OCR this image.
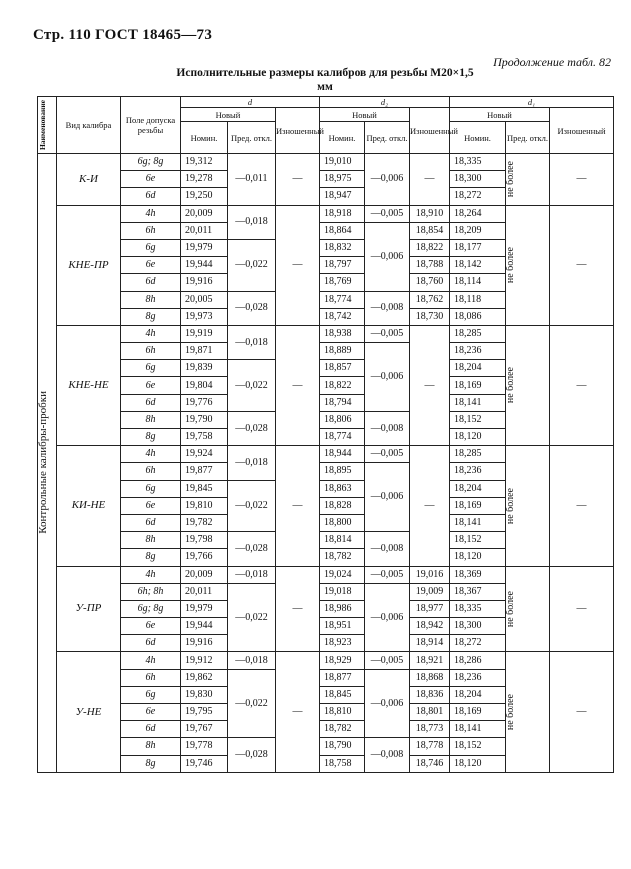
Стр. 110 ГОСТ 18465—73
Продолжение табл. 82
Исполнительные размеры калибров для резьбы М20×1,5
мм
Наименование	Вид калибра	Поле допуска резьбы	d			d₂			d₁			
			Новый		Изношенный	Новый		Изношенный	Новый		Изношенный	
			Номин.	Пред. откл.		Номин.	Пред. откл.		Номин.	Пред. откл.		

Контрольные калибры-пробки	К-И	6g; 8g	19,312	—0,011	—	19,010	—0,006	—	18,335	не более	—	
		6e	19,278			18,975			18,300			
		6d	19,250			18,947			18,272			
	КНЕ-ПР	4h	20,009	—0,018	—	18,918	—0,005	18,910	18,264	не более	—	
		6h	20,011			18,864	—0,006	18,854	18,209			
		6g	19,979	—0,022		18,832		18,822	18,177			
		6e	19,944			18,797		18,788	18,142			
		6d	19,916			18,769		18,760	18,114			
		8h	20,005	—0,028		18,774	—0,008	18,762	18,118			
		8g	19,973			18,742		18,730	18,086			
	КНЕ-НЕ	4h	19,919	—0,018	—	18,938	—0,005	—	18,285	не более	—	
		6h	19,871			18,889	—0,006		18,236			
		6g	19,839	—0,022		18,857			18,204			
		6e	19,804			18,822			18,169			
		6d	19,776			18,794			18,141			
		8h	19,790	—0,028		18,806	—0,008		18,152			
		8g	19,758			18,774			18,120			
	КИ-НЕ	4h	19,924	—0,018	—	18,944	—0,005	—	18,285	не более	—	
		6h	19,877			18,895	—0,006		18,236			
		6g	19,845	—0,022		18,863			18,204			
		6e	19,810			18,828			18,169			
		6d	19,782			18,800			18,141			
		8h	19,798	—0,028		18,814	—0,008		18,152			
		8g	19,766			18,782			18,120			
	У-ПР	4h	20,009	—0,018	—	19,024	—0,005	19,016	18,369	не более	—	
		6h; 8h	20,011	—0,022		19,018	—0,006	19,009	18,367			
		6g; 8g	19,979			18,986		18,977	18,335			
		6e	19,944			18,951		18,942	18,300			
		6d	19,916			18,923		18,914	18,272			
	У-НЕ	4h	19,912	—0,018	—	18,929	—0,005	18,921	18,286	не более	—	
		6h	19,862	—0,022		18,877	—0,006	18,868	18,236			
		6g	19,830			18,845		18,836	18,204			
		6e	19,795			18,810		18,801	18,169			
		6d	19,767			18,782		18,773	18,141			
		8h	19,778	—0,028		18,790	—0,008	18,778	18,152			
		8g	19,746			18,758		18,746	18,120			
